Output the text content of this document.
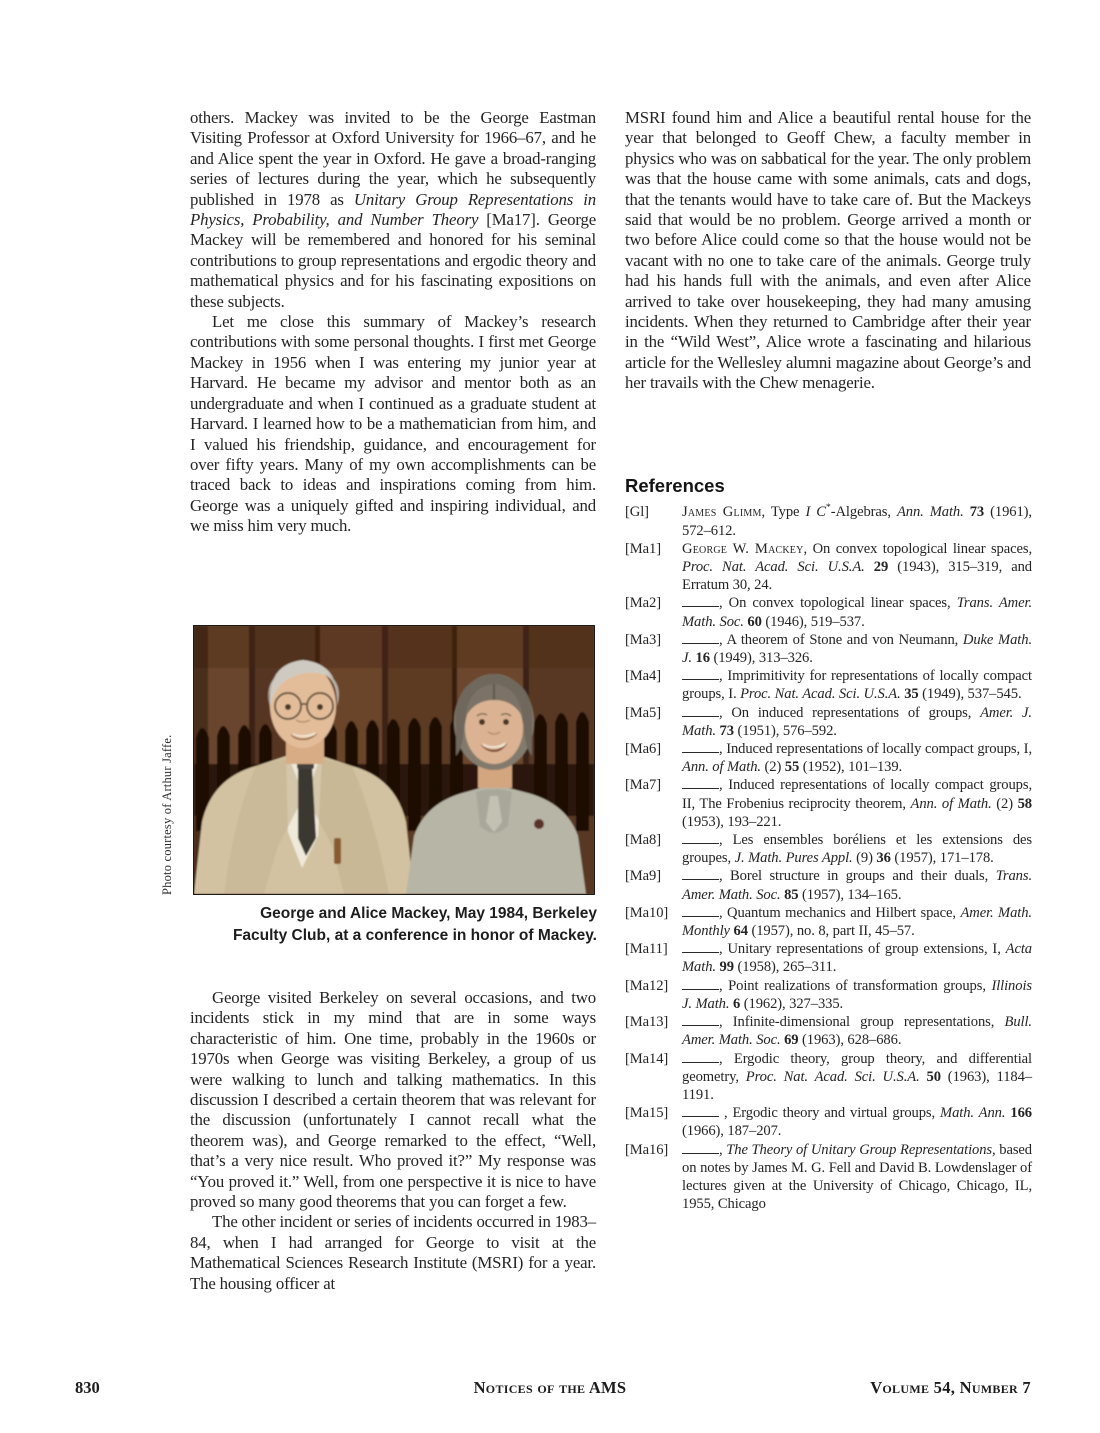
others. Mackey was invited to be the George Eastman Visiting Professor at Oxford University for 1966–67, and he and Alice spent the year in Oxford. He gave a broad-ranging series of lectures during the year, which he subsequently published in 1978 as Unitary Group Representations in Physics, Probability, and Number Theory [Ma17]. George Mackey will be remembered and honored for his seminal contributions to group representations and ergodic theory and mathematical physics and for his fascinating expositions on these subjects.

Let me close this summary of Mackey’s research contributions with some personal thoughts. I first met George Mackey in 1956 when I was entering my junior year at Harvard. He became my advisor and mentor both as an undergraduate and when I continued as a graduate student at Harvard. I learned how to be a mathematician from him, and I valued his friendship, guidance, and encouragement for over fifty years. Many of my own accomplishments can be traced back to ideas and inspirations coming from him. George was a uniquely gifted and inspiring individual, and we miss him very much.

George and Alice Mackey, May 1984, Berkeley Faculty Club, at a conference in honor of Mackey.

George visited Berkeley on several occasions, and two incidents stick in my mind that are in some ways characteristic of him. One time, probably in the 1960s or 1970s when George was visiting Berkeley, a group of us were walking to lunch and talking mathematics. In this discussion I described a certain theorem that was relevant for the discussion (unfortunately I cannot recall what the theorem was), and George remarked to the effect, “Well, that’s a very nice result. Who proved it?” My response was “You proved it.” Well, from one perspective it is nice to have proved so many good theorems that you can forget a few.

The other incident or series of incidents occurred in 1983–84, when I had arranged for George to visit at the Mathematical Sciences Research Institute (MSRI) for a year. The housing officer at

Photo courtesy of Arthur Jaffe.

MSRI found him and Alice a beautiful rental house for the year that belonged to Geoff Chew, a faculty member in physics who was on sabbatical for the year. The only problem was that the house came with some animals, cats and dogs, that the tenants would have to take care of. But the Mackeys said that would be no problem. George arrived a month or two before Alice could come so that the house would not be vacant with no one to take care of the animals. George truly had his hands full with the animals, and even after Alice arrived to take over housekeeping, they had many amusing incidents. When they returned to Cambridge after their year in the “Wild West”, Alice wrote a fascinating and hilarious article for the Wellesley alumni magazine about George’s and her travails with the Chew menagerie.

References
[Gl]	James Glimm, Type I C*-Algebras, Ann. Math. 73 (1961), 572–612.
[Ma1]	George W. Mackey, On convex topological linear spaces, Proc. Nat. Acad. Sci. U.S.A. 29 (1943), 315–319, and Erratum 30, 24.
[Ma2]	, On convex topological linear spaces, Trans. Amer. Math. Soc. 60 (1946), 519–537.
[Ma3]	, A theorem of Stone and von Neumann, Duke Math. J. 16 (1949), 313–326.
[Ma4]	, Imprimitivity for representations of locally compact groups, I. Proc. Nat. Acad. Sci. U.S.A. 35 (1949), 537–545.
[Ma5]	, On induced representations of groups, Amer. J. Math. 73 (1951), 576–592.
[Ma6]	, Induced representations of locally compact groups, I, Ann. of Math. (2) 55 (1952), 101–139.
[Ma7]	, Induced representations of locally compact groups, II, The Frobenius reciprocity theorem, Ann. of Math. (2) 58 (1953), 193–221.
[Ma8]	, Les ensembles boréliens et les extensions des groupes, J. Math. Pures Appl. (9) 36 (1957), 171–178.
[Ma9]	, Borel structure in groups and their duals, Trans. Amer. Math. Soc. 85 (1957), 134–165.
[Ma10]	, Quantum mechanics and Hilbert space, Amer. Math. Monthly 64 (1957), no. 8, part II, 45–57.
[Ma11]	, Unitary representations of group extensions, I, Acta Math. 99 (1958), 265–311.
[Ma12]	, Point realizations of transformation groups, Illinois J. Math. 6 (1962), 327–335.
[Ma13]	, Infinite-dimensional group representations, Bull. Amer. Math. Soc. 69 (1963), 628–686.
[Ma14]	, Ergodic theory, group theory, and differential geometry, Proc. Nat. Acad. Sci. U.S.A. 50 (1963), 1184–1191.
[Ma15]	, Ergodic theory and virtual groups, Math. Ann. 166 (1966), 187–207.
[Ma16]	, The Theory of Unitary Group Representations, based on notes by James M. G. Fell and David B. Lowdenslager of lectures given at the University of Chicago, Chicago, IL, 1955, Chicago
830	Notices of the AMS	Volume 54, Number 7
